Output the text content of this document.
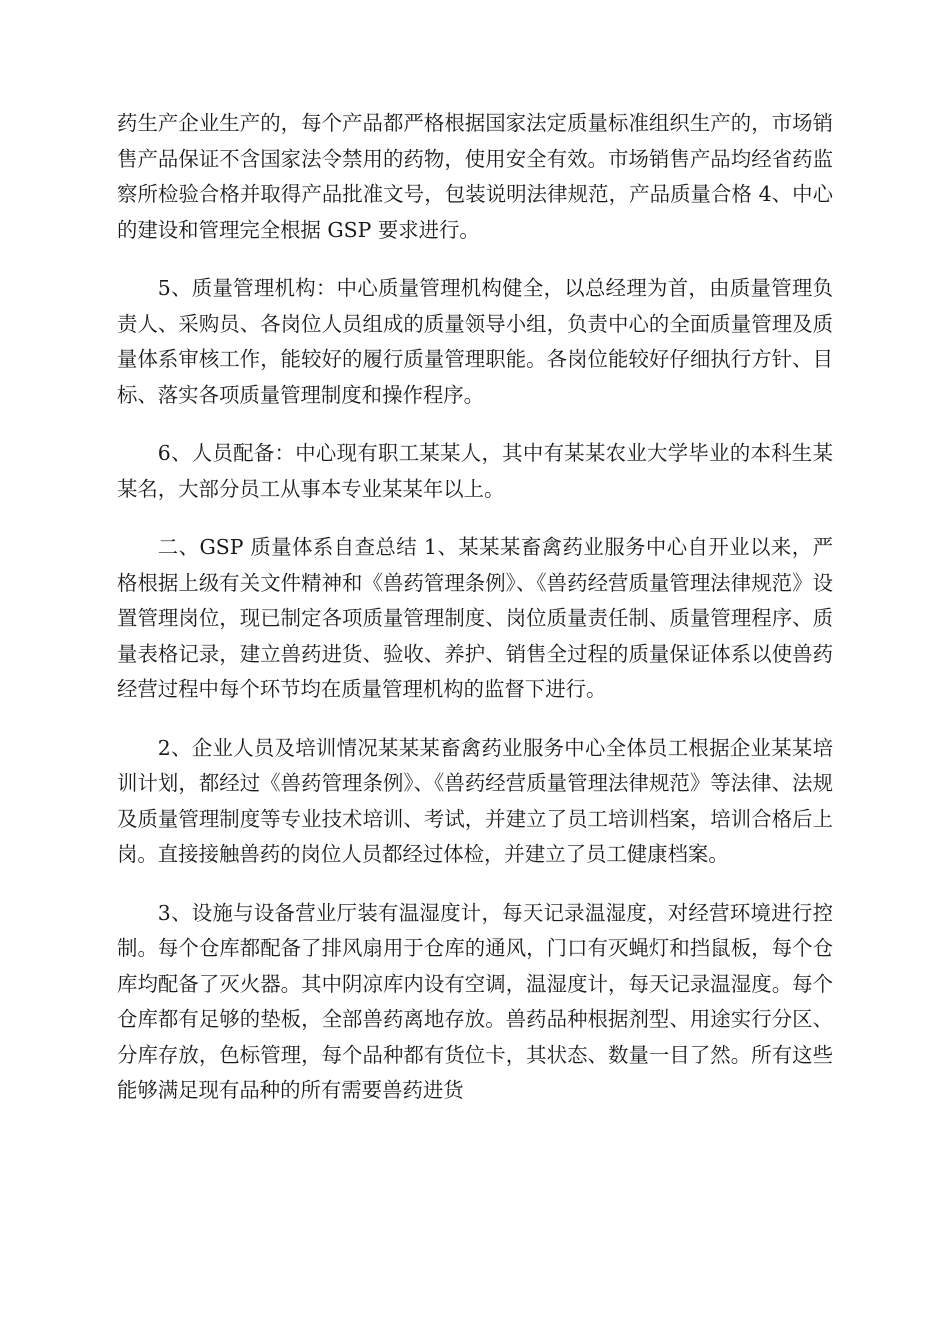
药生产企业生产的，每个产品都严格根据国家法定质量标准组织生产的，市场销售产品保证不含国家法令禁用的药物，使用安全有效。市场销售产品均经省药监察所检验合格并取得产品批准文号，包装说明法律规范，产品质量合格 4、中心的建设和管理完全根据 GSP 要求进行。

5、质量管理机构：中心质量管理机构健全，以总经理为首，由质量管理负责人、采购员、各岗位人员组成的质量领导小组，负责中心的全面质量管理及质量体系审核工作，能较好的履行质量管理职能。各岗位能较好仔细执行方针、目标、落实各项质量管理制度和操作程序。

6、人员配备：中心现有职工某某人，其中有某某农业大学毕业的本科生某某名，大部分员工从事本专业某某年以上。

二、GSP 质量体系自查总结 1、某某某畜禽药业服务中心自开业以来，严格根据上级有关文件精神和《兽药管理条例》、《兽药经营质量管理法律规范》设置管理岗位，现已制定各项质量管理制度、岗位质量责任制、质量管理程序、质量表格记录，建立兽药进货、验收、养护、销售全过程的质量保证体系以使兽药经营过程中每个环节均在质量管理机构的监督下进行。

2、企业人员及培训情况某某某畜禽药业服务中心全体员工根据企业某某培训计划，都经过《兽药管理条例》、《兽药经营质量管理法律规范》等法律、法规及质量管理制度等专业技术培训、考试，并建立了员工培训档案，培训合格后上岗。直接接触兽药的岗位人员都经过体检，并建立了员工健康档案。

3、设施与设备营业厅装有温湿度计，每天记录温湿度，对经营环境进行控制。每个仓库都配备了排风扇用于仓库的通风，门口有灭蝇灯和挡鼠板，每个仓库均配备了灭火器。其中阴凉库内设有空调，温湿度计，每天记录温湿度。每个仓库都有足够的垫板，全部兽药离地存放。兽药品种根据剂型、用途实行分区、分库存放，色标管理，每个品种都有货位卡，其状态、数量一目了然。所有这些能够满足现有品种的所有需要兽药进货
